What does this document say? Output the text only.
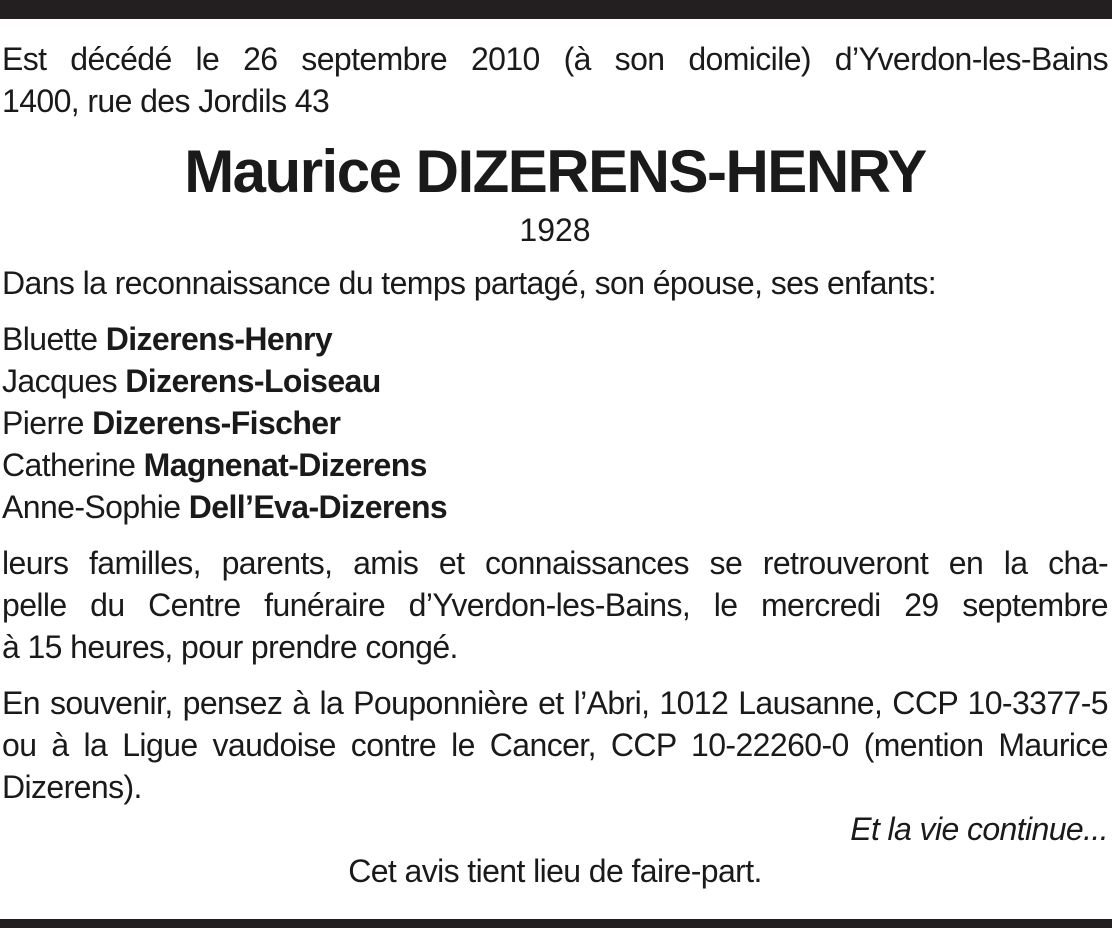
Est décédé le 26 septembre 2010 (à son domicile) d’Yverdon-les-Bains
1400, rue des Jordils 43

Maurice DIZERENS-HENRY
1928

Dans la reconnaissance du temps partagé, son épouse, ses enfants:

Bluette Dizerens-Henry

Jacques Dizerens-Loiseau

Pierre Dizerens-Fischer

Catherine Magnenat-Dizerens

Anne-Sophie Dell’Eva-Dizerens

leurs familles, parents, amis et connaissances se retrouveront en la cha-
pelle du Centre funéraire d’Yverdon-les-Bains, le mercredi 29 septembre
à 15 heures, pour prendre congé.

En souvenir, pensez à la Pouponnière et l’Abri, 1012 Lausanne, CCP 10-3377-5
ou à la Ligue vaudoise contre le Cancer, CCP 10-22260-0 (mention Maurice
Dizerens).

Et la vie continue...

Cet avis tient lieu de faire-part.
